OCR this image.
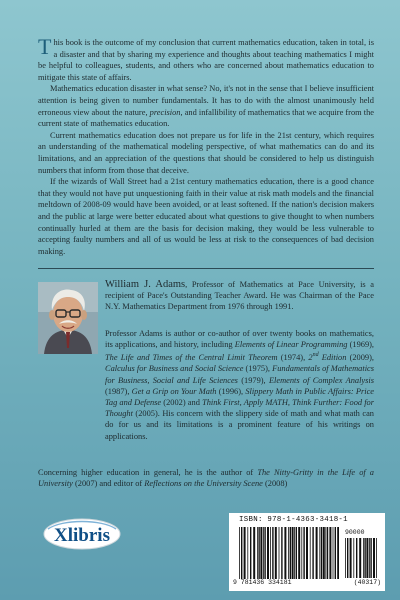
This book is the outcome of my conclusion that current mathematics education, taken in total, is a disaster and that by sharing my experience and thoughts about teaching mathematics I might be helpful to colleagues, students, and others who are concerned about mathematics education to mitigate this state of affairs.

Mathematics education disaster in what sense? No, it's not in the sense that I believe insufficient attention is being given to number fundamentals. It has to do with the almost unanimously held erroneous view about the nature, precision, and infallibility of mathematics that we acquire from the current state of mathematics education.

Current mathematics education does not prepare us for life in the 21st century, which requires an understanding of the mathematical modeling perspective, of what mathematics can do and its limitations, and an appreciation of the questions that should be considered to help us distinguish numbers that inform from those that deceive.

If the wizards of Wall Street had a 21st century mathematics education, there is a good chance that they would not have put unquestioning faith in their value at risk math models and the financial meltdown of 2008-09 would have been avoided, or at least softened. If the nation's decision makers and the public at large were better educated about what questions to give thought to when numbers continually hurled at them are the basis for decision making, they would be less vulnerable to accepting faulty numbers and all of us would be less at risk to the consequences of bad decision making.

William J. Adams, Professor of Mathematics at Pace University, is a recipient of Pace's Outstanding Teacher Award. He was Chairman of the Pace N.Y. Mathematics Department from 1976 through 1991.

Professor Adams is author or co-author of over twenty books on mathematics, its applications, and history, including Elements of Linear Programming (1969), The Life and Times of the Central Limit Theorem (1974), 2nd Edition (2009), Calculus for Business and Social Science (1975), Fundamentals of Mathematics for Business, Social and Life Sciences (1979), Elements of Complex Analysis (1987), Get a Grip on Your Math (1996), Slippery Math in Public Affairs: Price Tag and Defense (2002) and Think First, Apply MATH, Think Further: Food for Thought (2005). His concern with the slippery side of math and what math can do for us and its limitations is a prominent feature of his writings on applications.

Concerning higher education in general, he is the author of The Nitty-Gritty in the Life of a University (2007) and editor of Reflections on the University Scene (2008)

Xlibris
ISBN: 978-1-4363-3418-1
90000
9 781436 334181	(40317)
